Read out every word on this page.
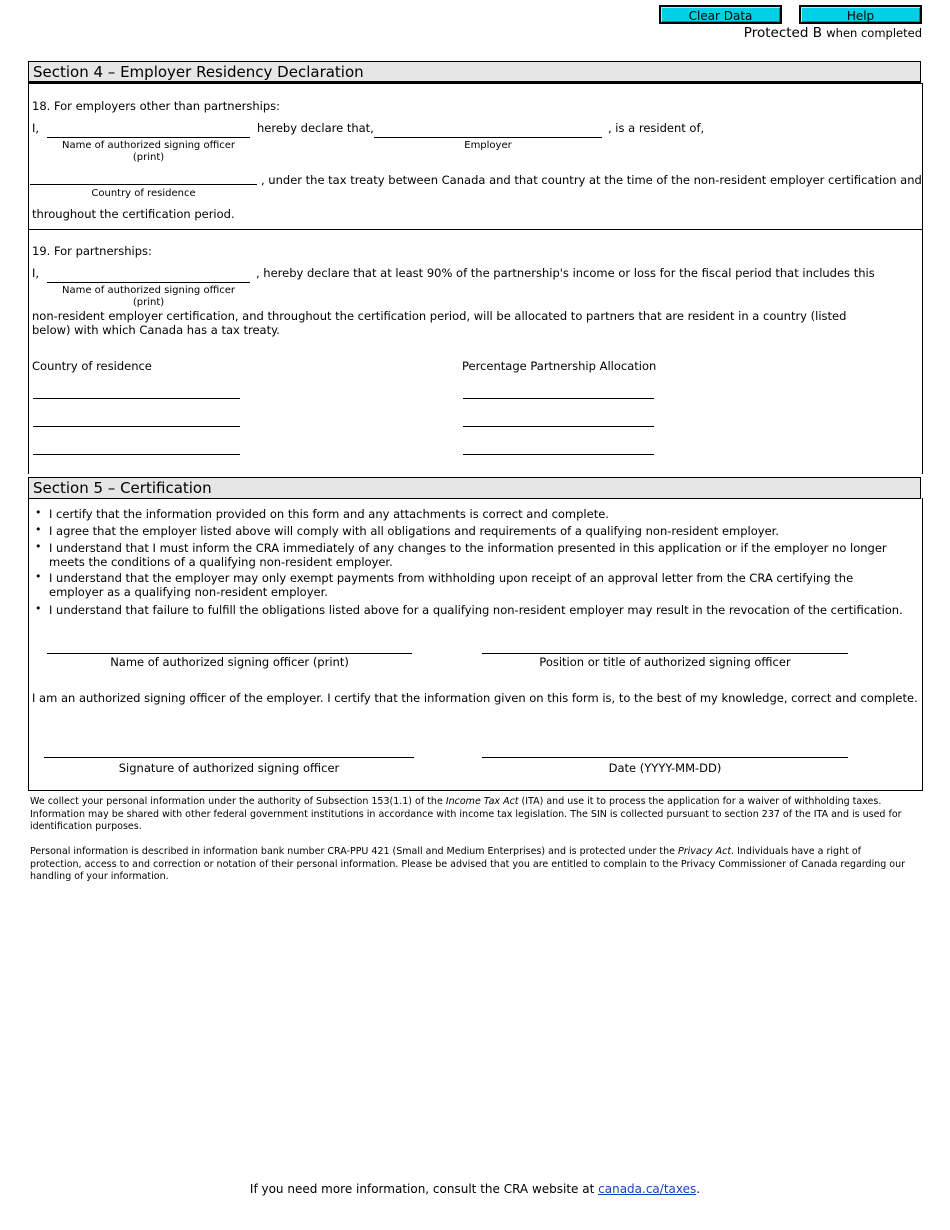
Clear Data	Help
Protected B when completed
Section 4 – Employer Residency Declaration
18. For employers other than partnerships:
I,
Name of authorized signing officer
(print)
hereby declare that,
Employer
, is a resident of,
Country of residence
, under the tax treaty between Canada and that country at the time of the non-resident employer certification and
throughout the certification period.
19. For partnerships:
I,
Name of authorized signing officer
(print)
, hereby declare that at least 90% of the partnership's income or loss for the fiscal period that includes this
non-resident employer certification, and throughout the certification period, will be allocated to partners that are resident in a country (listed below) with which Canada has a tax treaty.
Country of residence	Percentage Partnership Allocation
Section 5 – Certification
• I certify that the information provided on this form and any attachments is correct and complete.
• I agree that the employer listed above will comply with all obligations and requirements of a qualifying non-resident employer.
• I understand that I must inform the CRA immediately of any changes to the information presented in this application or if the employer no longer meets the conditions of a qualifying non-resident employer.
• I understand that the employer may only exempt payments from withholding upon receipt of an approval letter from the CRA certifying the employer as a qualifying non-resident employer.
• I understand that failure to fulfill the obligations listed above for a qualifying non-resident employer may result in the revocation of the certification.
Name of authorized signing officer (print)	Position or title of authorized signing officer
I am an authorized signing officer of the employer. I certify that the information given on this form is, to the best of my knowledge, correct and complete.
Signature of authorized signing officer	Date (YYYY-MM-DD)
We collect your personal information under the authority of Subsection 153(1.1) of the Income Tax Act (ITA) and use it to process the application for a waiver of withholding taxes. Information may be shared with other federal government institutions in accordance with income tax legislation. The SIN is collected pursuant to section 237 of the ITA and is used for identification purposes.
Personal information is described in information bank number CRA-PPU 421 (Small and Medium Enterprises) and is protected under the Privacy Act. Individuals have a right of protection, access to and correction or notation of their personal information. Please be advised that you are entitled to complain to the Privacy Commissioner of Canada regarding our handling of your information.
If you need more information, consult the CRA website at canada.ca/taxes.
